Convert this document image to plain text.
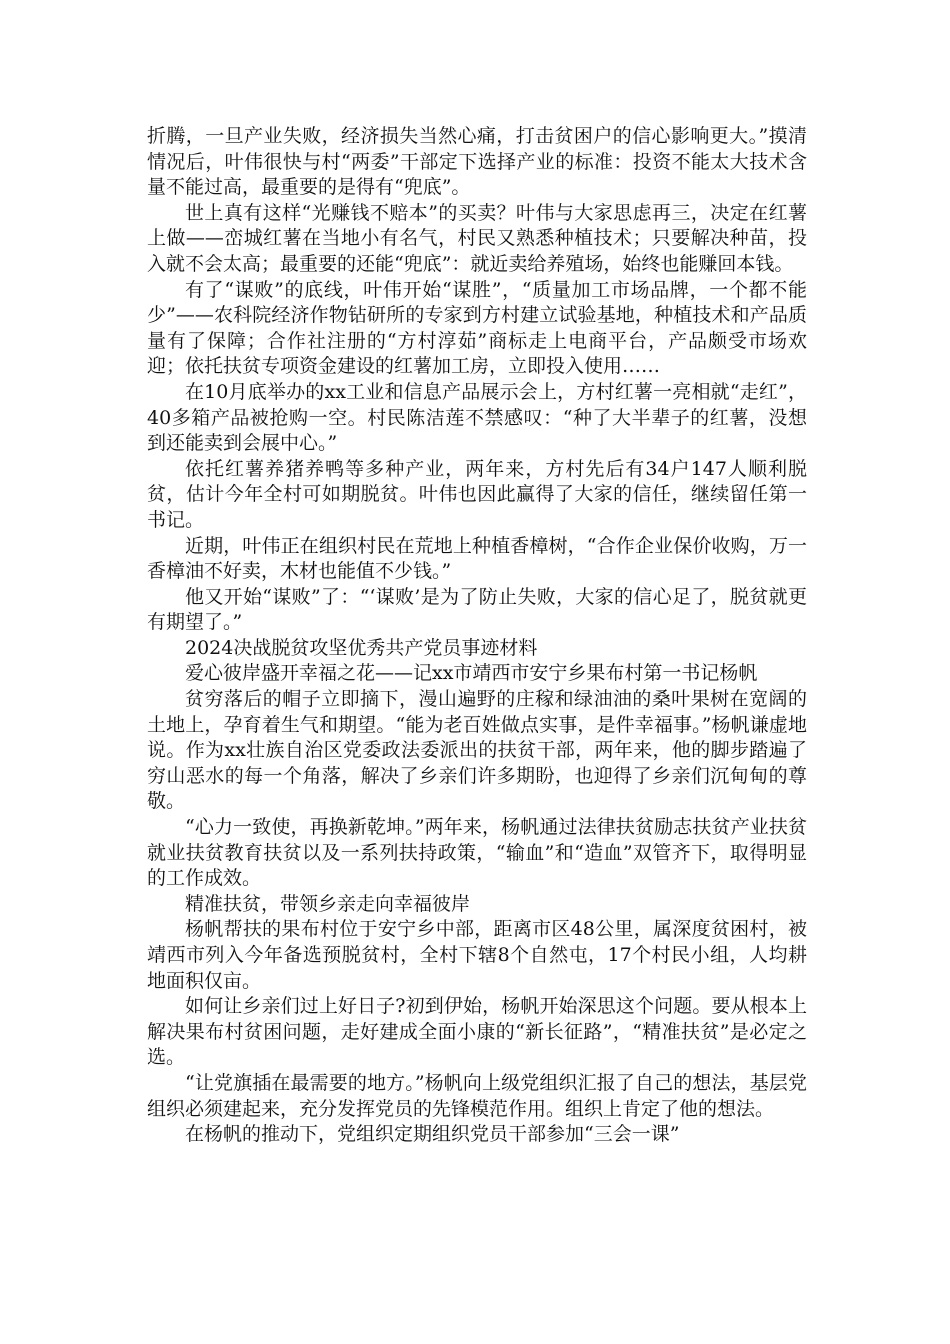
折腾，一旦产业失败，经济损失当然心痛，打击贫困户的信心影响更大。”摸清情况后，叶伟很快与村“两委”干部定下选择产业的标准：投资不能太大技术含量不能过高，最重要的是得有“兜底”。

世上真有这样“光赚钱不赔本”的买卖？叶伟与大家思虑再三，决定在红薯上做——峦城红薯在当地小有名气，村民又熟悉种植技术；只要解决种苗，投入就不会太高；最重要的还能“兜底”：就近卖给养殖场，始终也能赚回本钱。

有了“谋败”的底线，叶伟开始“谋胜”，“质量加工市场品牌，一个都不能少”——农科院经济作物钻研所的专家到方村建立试验基地，种植技术和产品质量有了保障；合作社注册的“方村淳茹”商标走上电商平台，产品颇受市场欢迎；依托扶贫专项资金建设的红薯加工房，立即投入使用……

在10月底举办的xx工业和信息产品展示会上，方村红薯一亮相就“走红”，40多箱产品被抢购一空。村民陈洁莲不禁感叹：“种了大半辈子的红薯，没想到还能卖到会展中心。”

依托红薯养猪养鸭等多种产业，两年来，方村先后有34户147人顺利脱贫，估计今年全村可如期脱贫。叶伟也因此赢得了大家的信任，继续留任第一书记。

近期，叶伟正在组织村民在荒地上种植香樟树，“合作企业保价收购，万一香樟油不好卖，木材也能值不少钱。”

他又开始“谋败”了：“‘谋败’是为了防止失败，大家的信心足了，脱贫就更有期望了。”

2024决战脱贫攻坚优秀共产党员事迹材料

爱心彼岸盛开幸福之花——记xx市靖西市安宁乡果布村第一书记杨帆

贫穷落后的帽子立即摘下，漫山遍野的庄稼和绿油油的桑叶果树在宽阔的土地上，孕育着生气和期望。“能为老百姓做点实事，是件幸福事。”杨帆谦虚地说。作为xx壮族自治区党委政法委派出的扶贫干部，两年来，他的脚步踏遍了穷山恶水的每一个角落，解决了乡亲们许多期盼，也迎得了乡亲们沉甸甸的尊敬。

“心力一致使，再换新乾坤。”两年来，杨帆通过法律扶贫励志扶贫产业扶贫就业扶贫教育扶贫以及一系列扶持政策，“输血”和“造血”双管齐下，取得明显的工作成效。

精准扶贫，带领乡亲走向幸福彼岸

杨帆帮扶的果布村位于安宁乡中部，距离市区48公里，属深度贫困村，被靖西市列入今年备选预脱贫村，全村下辖8个自然屯，17个村民小组，人均耕地面积仅亩。

如何让乡亲们过上好日子?初到伊始，杨帆开始深思这个问题。要从根本上解决果布村贫困问题，走好建成全面小康的“新长征路”，“精准扶贫”是必定之选。

“让党旗插在最需要的地方。”杨帆向上级党组织汇报了自己的想法，基层党组织必须建起来，充分发挥党员的先锋模范作用。组织上肯定了他的想法。

在杨帆的推动下，党组织定期组织党员干部参加“三会一课”
